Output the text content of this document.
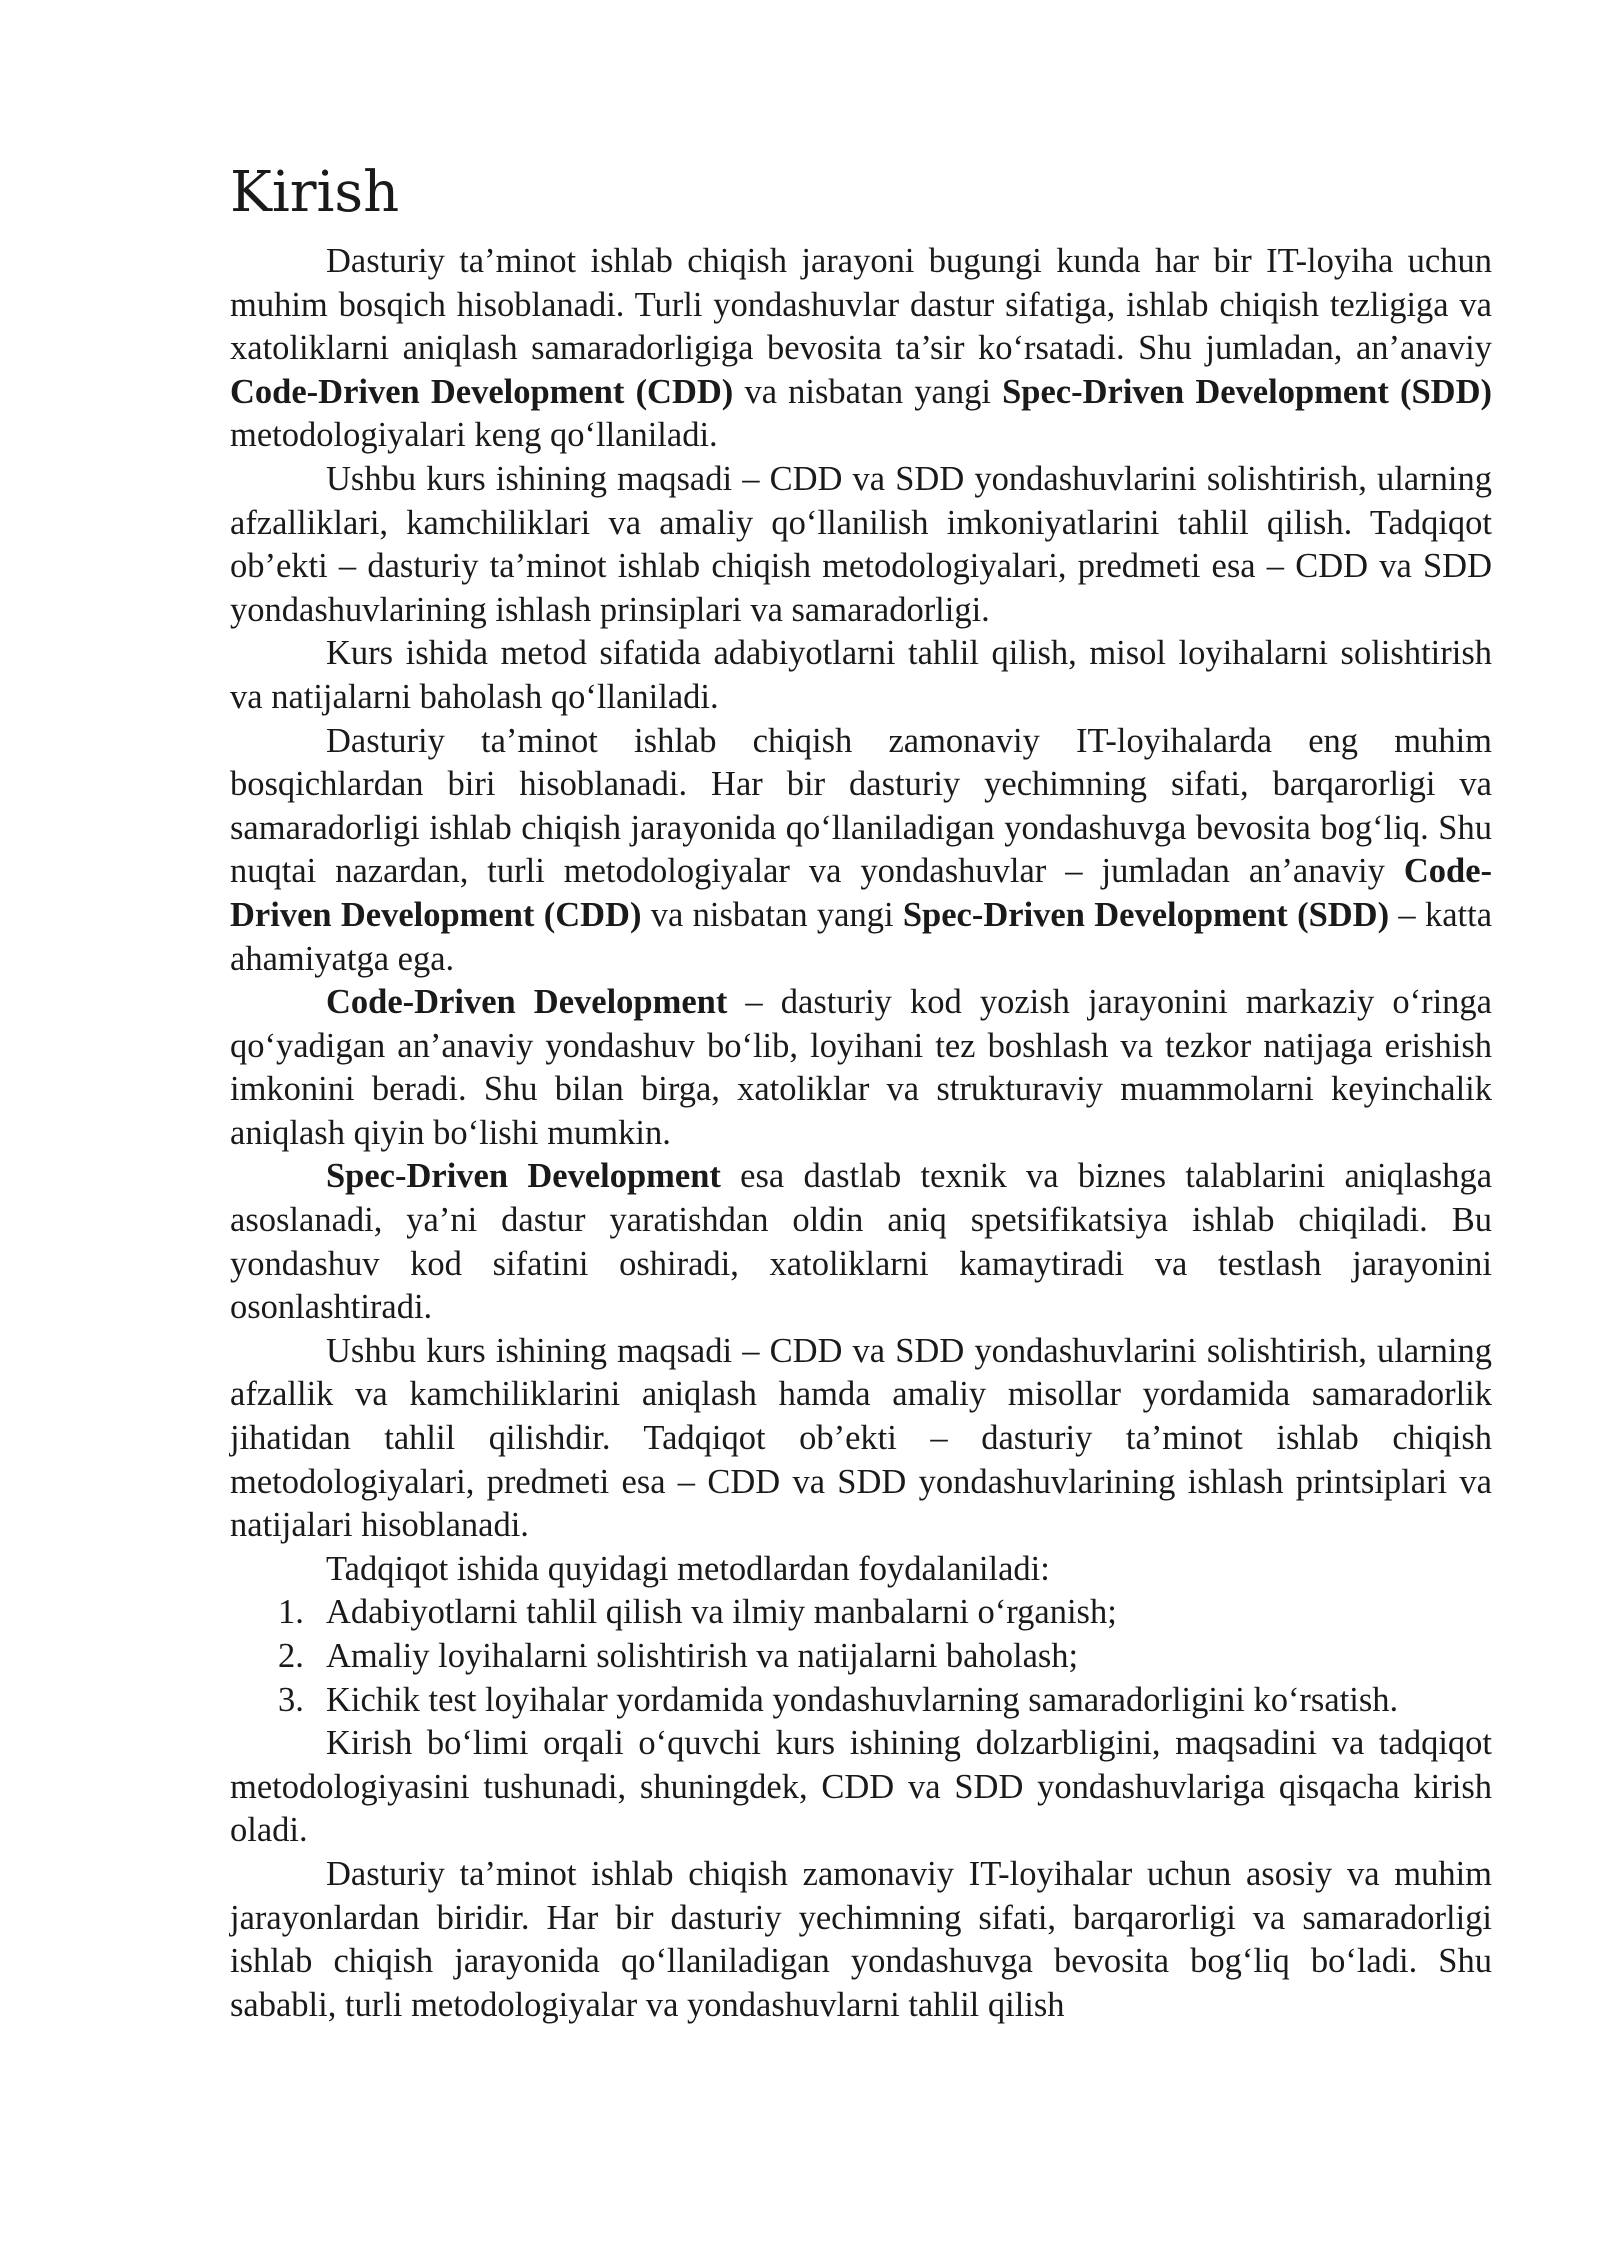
Kirish

Dasturiy ta’minot ishlab chiqish jarayoni bugungi kunda har bir IT-loyiha uchun muhim bosqich hisoblanadi. Turli yondashuvlar dastur sifatiga, ishlab chiqish tezligiga va xatoliklarni aniqlash samaradorligiga bevosita ta’sir ko‘rsatadi. Shu jumladan, an’anaviy Code-Driven Development (CDD) va nisbatan yangi Spec-Driven Development (SDD) metodologiyalari keng qo‘llaniladi.

Ushbu kurs ishining maqsadi – CDD va SDD yondashuvlarini solishtirish, ularning afzalliklari, kamchiliklari va amaliy qo‘llanilish imkoniyatlarini tahlil qilish. Tadqiqot ob’ekti – dasturiy ta’minot ishlab chiqish metodologiyalari, predmeti esa – CDD va SDD yondashuvlarining ishlash prinsiplari va samaradorligi.

Kurs ishida metod sifatida adabiyotlarni tahlil qilish, misol loyihalarni solishtirish va natijalarni baholash qo‘llaniladi.

Dasturiy ta’minot ishlab chiqish zamonaviy IT-loyihalarda eng muhim bosqichlardan biri hisoblanadi. Har bir dasturiy yechimning sifati, barqarorligi va samaradorligi ishlab chiqish jarayonida qo‘llaniladigan yondashuvga bevosita bog‘liq. Shu nuqtai nazardan, turli metodologiyalar va yondashuvlar – jumladan an’anaviy Code-Driven Development (CDD) va nisbatan yangi Spec-Driven Development (SDD) – katta ahamiyatga ega.

Code-Driven Development – dasturiy kod yozish jarayonini markaziy o‘ringa qo‘yadigan an’anaviy yondashuv bo‘lib, loyihani tez boshlash va tezkor natijaga erishish imkonini beradi. Shu bilan birga, xatoliklar va strukturaviy muammolarni keyinchalik aniqlash qiyin bo‘lishi mumkin.

Spec-Driven Development esa dastlab texnik va biznes talablarini aniqlashga asoslanadi, ya’ni dastur yaratishdan oldin aniq spetsifikatsiya ishlab chiqiladi. Bu yondashuv kod sifatini oshiradi, xatoliklarni kamaytiradi va testlash jarayonini osonlashtiradi.

Ushbu kurs ishining maqsadi – CDD va SDD yondashuvlarini solishtirish, ularning afzallik va kamchiliklarini aniqlash hamda amaliy misollar yordamida samaradorlik jihatidan tahlil qilishdir. Tadqiqot ob’ekti – dasturiy ta’minot ishlab chiqish metodologiyalari, predmeti esa – CDD va SDD yondashuvlarining ishlash printsiplari va natijalari hisoblanadi.

Tadqiqot ishida quyidagi metodlardan foydalaniladi:

1. Adabiyotlarni tahlil qilish va ilmiy manbalarni o‘rganish;
2. Amaliy loyihalarni solishtirish va natijalarni baholash;
3. Kichik test loyihalar yordamida yondashuvlarning samaradorligini ko‘rsatish.

Kirish bo‘limi orqali o‘quvchi kurs ishining dolzarbligini, maqsadini va tadqiqot metodologiyasini tushunadi, shuningdek, CDD va SDD yondashuvlariga qisqacha kirish oladi.

Dasturiy ta’minot ishlab chiqish zamonaviy IT-loyihalar uchun asosiy va muhim jarayonlardan biridir. Har bir dasturiy yechimning sifati, barqarorligi va samaradorligi ishlab chiqish jarayonida qo‘llaniladigan yondashuvga bevosita bog‘liq bo‘ladi. Shu sababli, turli metodologiyalar va yondashuvlarni tahlil qilish
